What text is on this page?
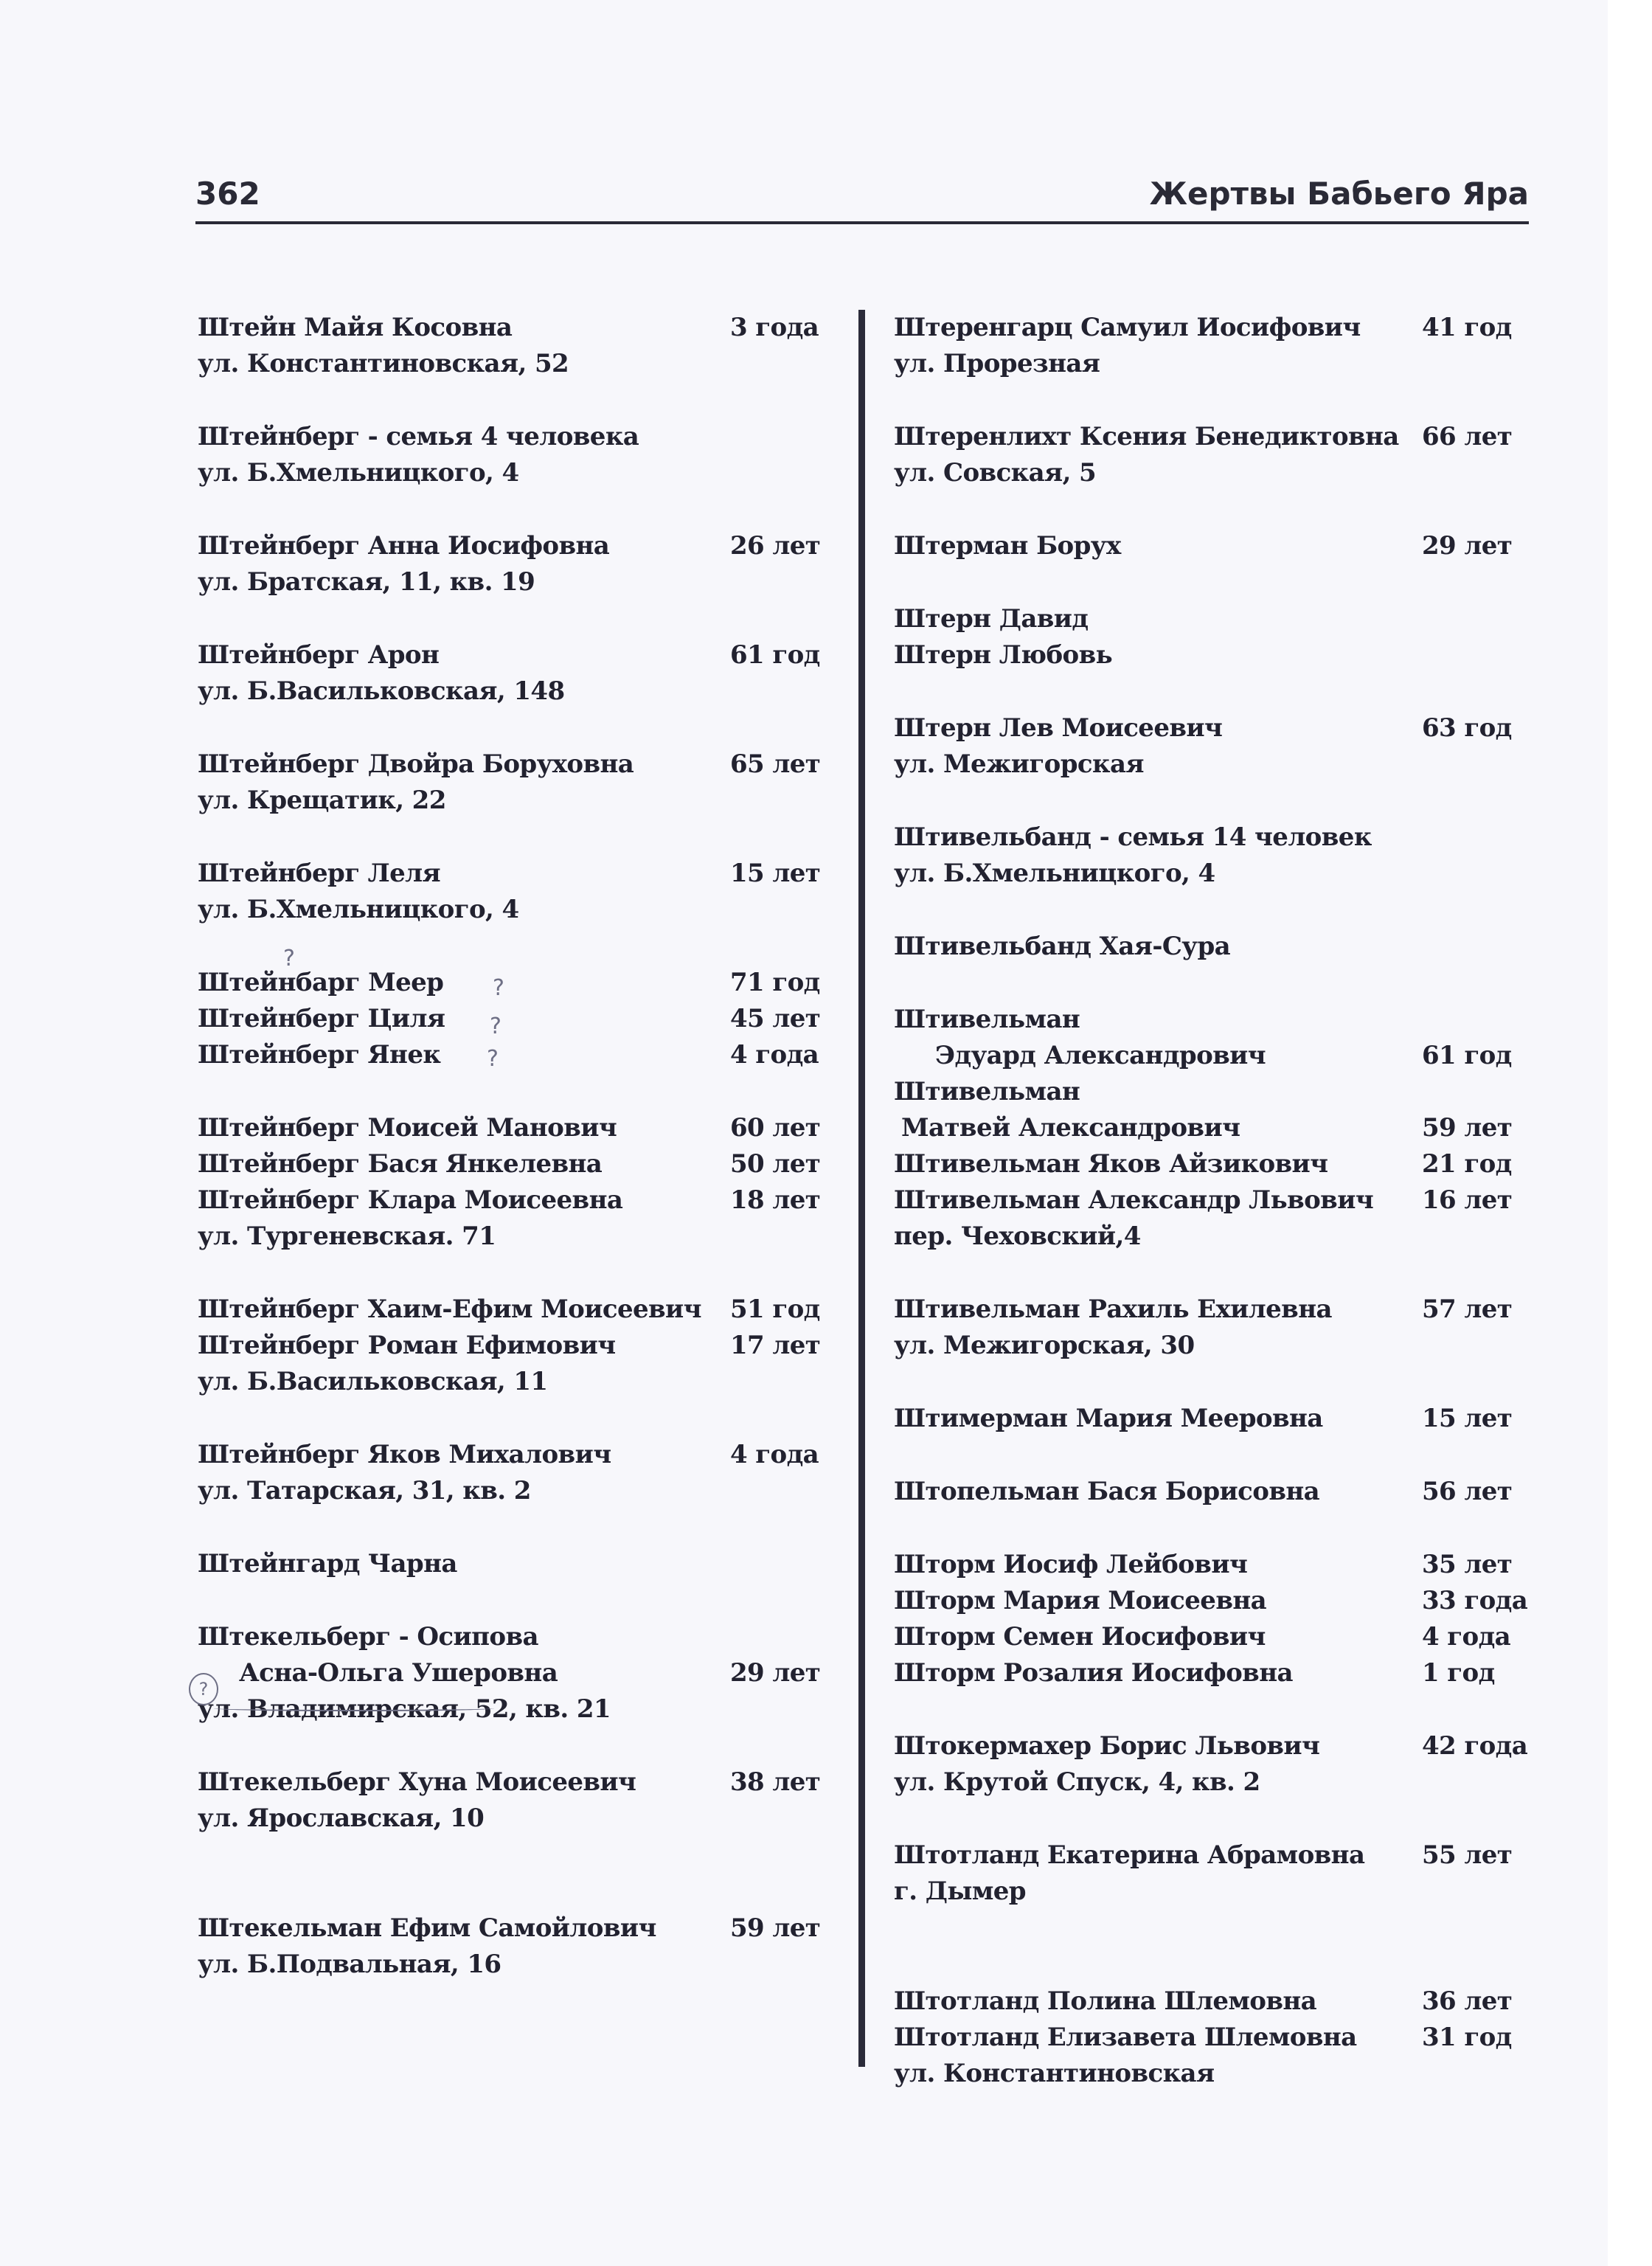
362	Жертвы Бабьего Яра
Штейн Майя Косовна	3 года
ул. Константиновская, 52
Штейнберг - семья 4 человека
ул. Б.Хмельницкого, 4
Штейнберг Анна Иосифовна	26 лет
ул. Братская, 11, кв. 19
Штейнберг Арон	61 год
ул. Б.Васильковская, 148
Штейнберг Двойра Боруховна	65 лет
ул. Крещатик, 22
Штейнберг Леля	15 лет
ул. Б.Хмельницкого, 4
Штейнбарг Меер	71 год
Штейнберг Циля	45 лет
Штейнберг Янек	4 года
Штейнберг Моисей Манович	60 лет
Штейнберг Бася Янкелевна	50 лет
Штейнберг Клара Моисеевна	18 лет
ул. Тургеневская. 71
Штейнберг Хаим-Ефим Моисеевич 51 год
Штейнберг Роман Ефимович	17 лет
ул. Б.Васильковская, 11
Штейнберг Яков Михалович	4 года
ул. Татарская, 31, кв. 2
Штейнгард Чарна
Штекельберг - Осипова
Асна-Ольга Ушеровна	29 лет
ул. Владимирская, 52, кв. 21
Штекельберг Хуна Моисеевич	38 лет
ул. Ярославская, 10
Штекельман Ефим Самойлович	59 лет
ул. Б.Подвальная, 16
Штеренгарц Самуил Иосифович 41 год
ул. Прорезная
Штеренлихт Ксения Бенедиктовна 66 лет
ул. Совская, 5
Штерман Борух	29 лет
Штерн Давид
Штерн Любовь
Штерн Лев Моисеевич	63 год
ул. Межигорская
Штивельбанд - семья 14 человек
ул. Б.Хмельницкого, 4
Штивельбанд Хая-Сура
Штивельман
Эдуард Александрович	61 год
Штивельман
Матвей Александрович	59 лет
Штивельман Яков Айзикович	21 год
Штивельман Александр Львович 16 лет
пер. Чеховский,4
Штивельман Рахиль Ехилевна	57 лет
ул. Межигорская, 30
Штимерман Мария Мееровна	15 лет
Штопельман Бася Борисовна	56 лет
Шторм Иосиф Лейбович	35 лет
Шторм Мария Моисеевна	33 года
Шторм Семен Иосифович	4 года
Шторм Розалия Иосифовна	1 год
Штокермахер Борис Львович	42 года
ул. Крутой Спуск, 4, кв. 2
Штотланд Екатерина Абрамовна 55 лет
г. Дымер
Штотланд Полина Шлемовна	36 лет
Штотланд Елизавета Шлемовна	31 год
ул. Константиновская
?
?
?
?
?
